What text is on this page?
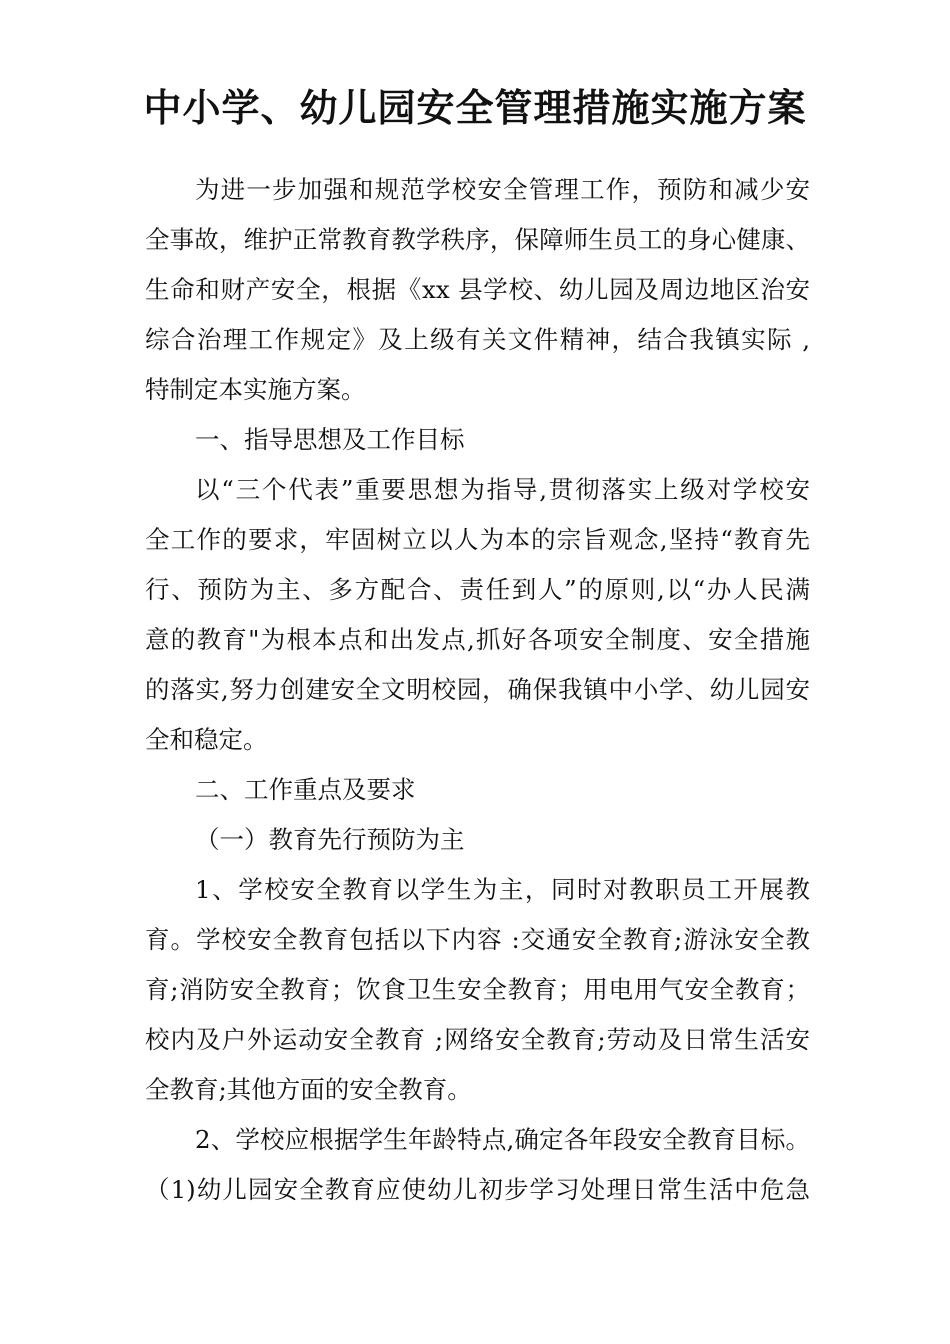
中小学、幼儿园安全管理措施实施方案
为进一步加强和规范学校安全管理工作，预防和减少安
全事故，维护正常教育教学秩序，保障师生员工的身心健康、
生命和财产安全，根据《xx 县学校、幼儿园及周边地区治安
综合治理工作规定》及上级有关文件精神，结合我镇实际 ,
特制定本实施方案。
一、指导思想及工作目标
以“三个代表”重要思想为指导,贯彻落实上级对学校安
全工作的要求，牢固树立以人为本的宗旨观念,坚持“教育先
行、预防为主、多方配合、责任到人”的原则,以“办人民满
意的教育"为根本点和出发点,抓好各项安全制度、安全措施
的落实,努力创建安全文明校园，确保我镇中小学、幼儿园安
全和稳定。
二、工作重点及要求
（一）教育先行预防为主
1、学校安全教育以学生为主，同时对教职员工开展教
育。学校安全教育包括以下内容 :交通安全教育;游泳安全教
育;消防安全教育；饮食卫生安全教育；用电用气安全教育；
校内及户外运动安全教育 ;网络安全教育;劳动及日常生活安
全教育;其他方面的安全教育。
2、学校应根据学生年龄特点,确定各年段安全教育目标。
（1)幼儿园安全教育应使幼儿初步学习处理日常生活中危急
